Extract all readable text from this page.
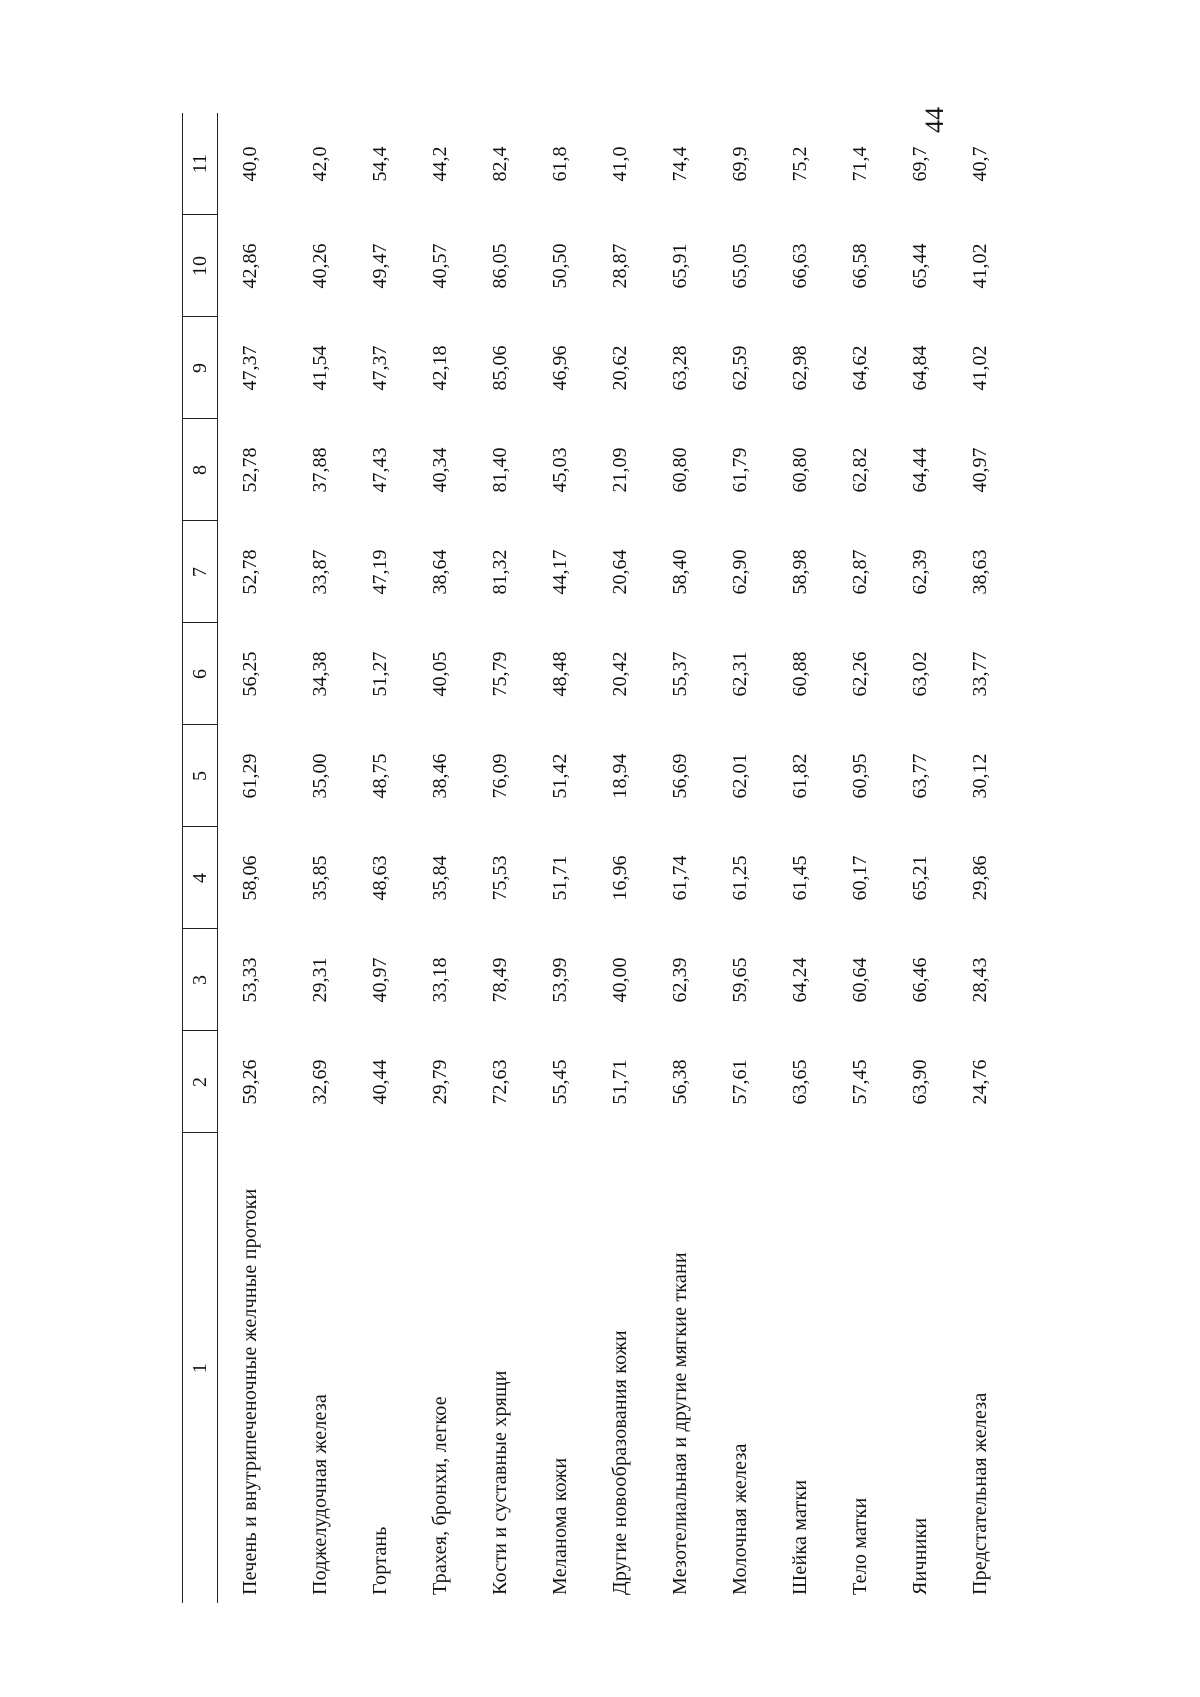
44
1	2	3	4	5	6	7	8	9	10	11
Печень и внутрипеченочные желчные протоки	59,26	53,33	58,06	61,29	56,25	52,78	52,78	47,37	42,86	40,0
Поджелудочная железа	32,69	29,31	35,85	35,00	34,38	33,87	37,88	41,54	40,26	42,0
Гортань	40,44	40,97	48,63	48,75	51,27	47,19	47,43	47,37	49,47	54,4
Трахея, бронхи, легкое	29,79	33,18	35,84	38,46	40,05	38,64	40,34	42,18	40,57	44,2
Кости и суставные хрящи	72,63	78,49	75,53	76,09	75,79	81,32	81,40	85,06	86,05	82,4
Меланома кожи	55,45	53,99	51,71	51,42	48,48	44,17	45,03	46,96	50,50	61,8
Другие новообразования кожи	51,71	40,00	16,96	18,94	20,42	20,64	21,09	20,62	28,87	41,0
Мезотелиальная и другие мягкие ткани	56,38	62,39	61,74	56,69	55,37	58,40	60,80	63,28	65,91	74,4
Молочная железа	57,61	59,65	61,25	62,01	62,31	62,90	61,79	62,59	65,05	69,9
Шейка матки	63,65	64,24	61,45	61,82	60,88	58,98	60,80	62,98	66,63	75,2
Тело матки	57,45	60,64	60,17	60,95	62,26	62,87	62,82	64,62	66,58	71,4
Яичники	63,90	66,46	65,21	63,77	63,02	62,39	64,44	64,84	65,44	69,7
Предстательная железа	24,76	28,43	29,86	30,12	33,77	38,63	40,97	41,02	41,02	40,7
